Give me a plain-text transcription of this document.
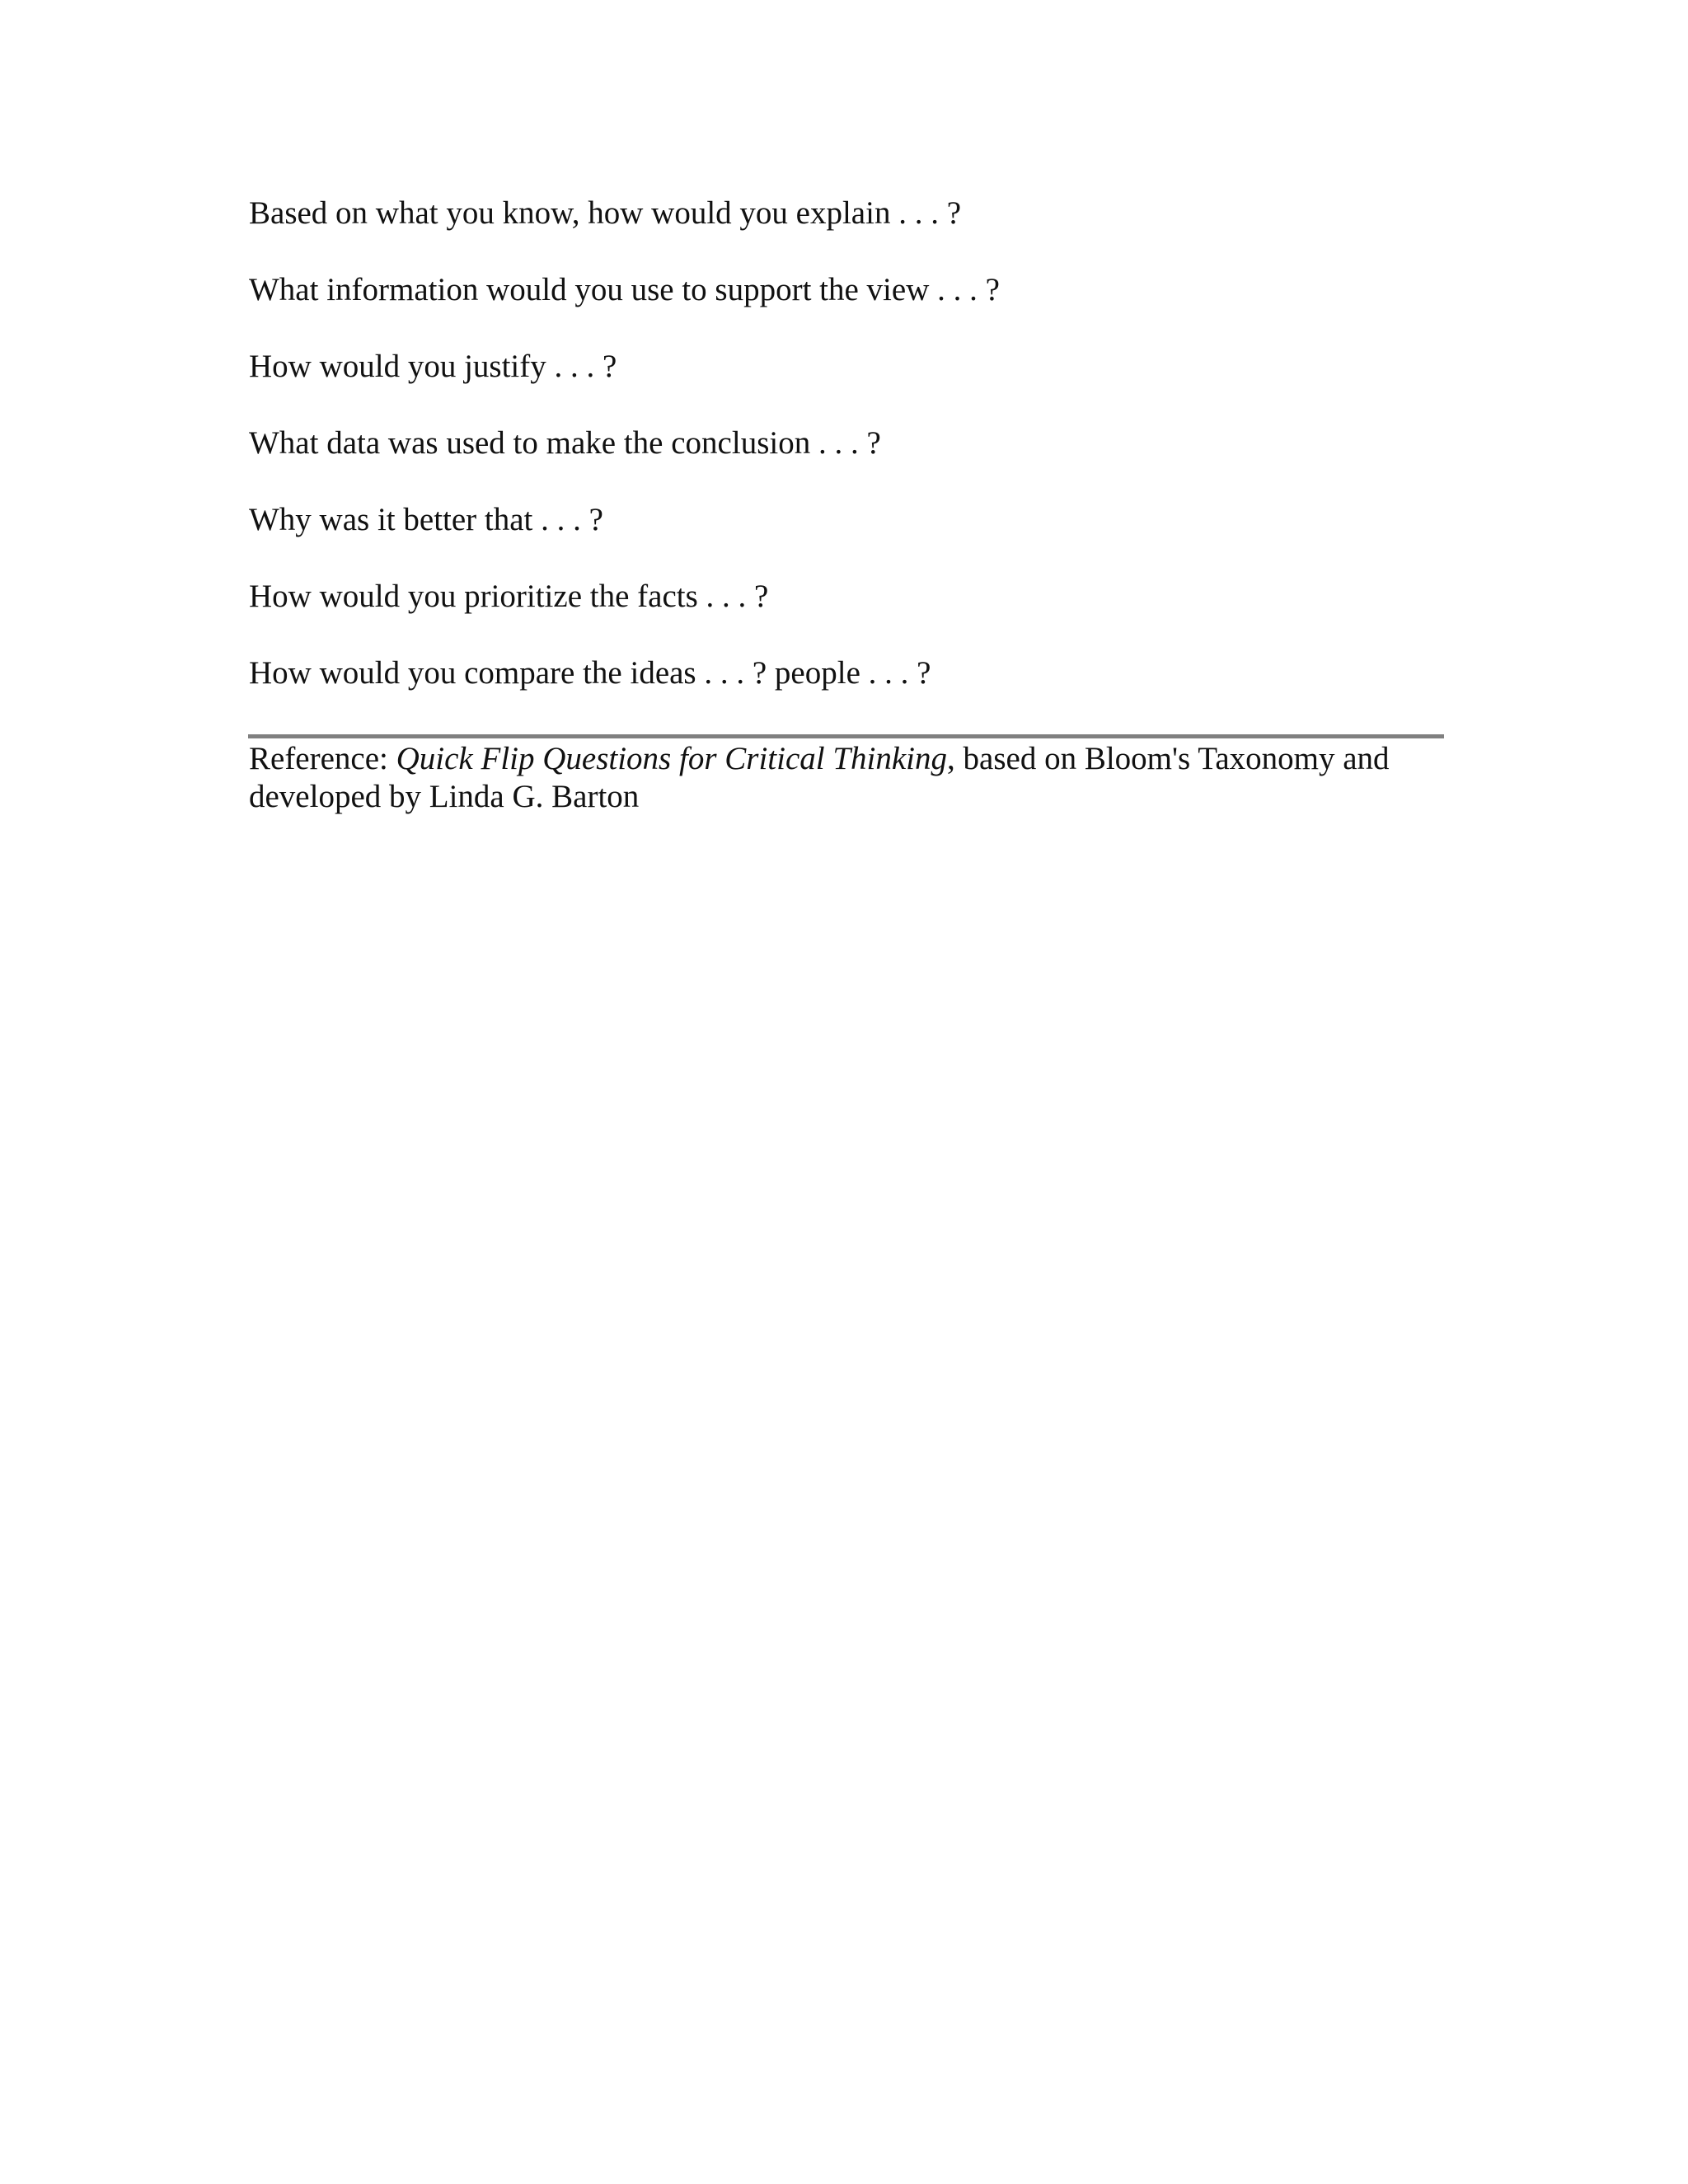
Based on what you know, how would you explain . . . ?

What information would you use to support the view . . . ?

How would you justify . . . ?

What data was used to make the conclusion . . . ?

Why was it better that . . . ?

How would you prioritize the facts . . . ?

How would you compare the ideas . . . ? people . . . ?

Reference: Quick Flip Questions for Critical Thinking, based on Bloom's Taxonomy and developed by Linda G. Barton
